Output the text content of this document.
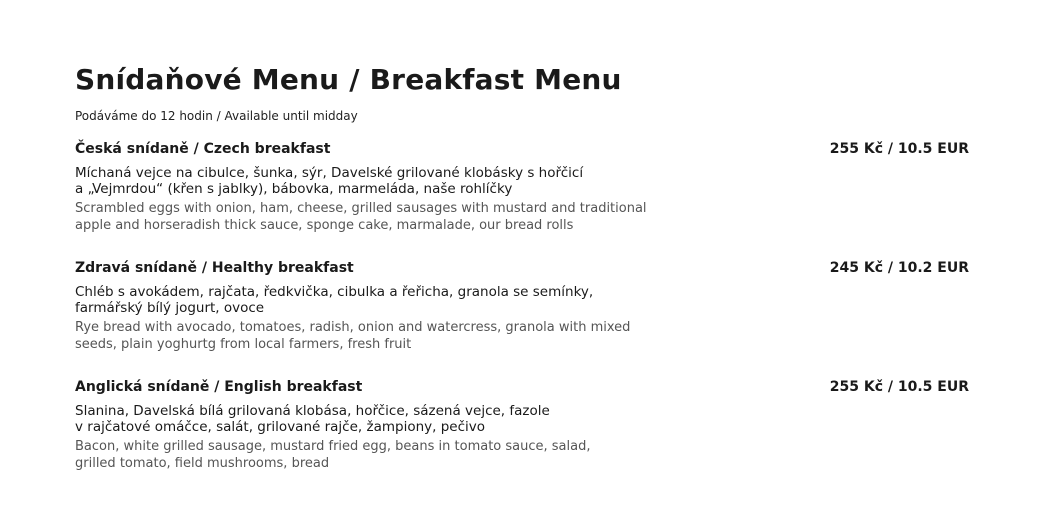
Snídaňové Menu / Breakfast Menu
Podáváme do 12 hodin / Available until midday
Česká snídaně / Czech breakfast	255 Kč / 10.5 EUR
Míchaná vejce na cibulce, šunka, sýr, Davelské grilované klobásky s hořčicí
a „Vejmrdou“ (křen s jablky), bábovka, marmeláda, naše rohlíčky
Scrambled eggs with onion, ham, cheese, grilled sausages with mustard and traditional
apple and horseradish thick sauce, sponge cake, marmalade, our bread rolls
Zdravá snídaně / Healthy breakfast	245 Kč / 10.2 EUR
Chléb s avokádem, rajčata, ředkvička, cibulka a řeřicha, granola se semínky,
farmářský bílý jogurt, ovoce
Rye bread with avocado, tomatoes, radish, onion and watercress, granola with mixed
seeds, plain yoghurtg from local farmers, fresh fruit
Anglická snídaně / English breakfast	255 Kč / 10.5 EUR
Slanina, Davelská bílá grilovaná klobása, hořčice, sázená vejce, fazole
v rajčatové omáčce, salát, grilované rajče, žampiony, pečivo
Bacon, white grilled sausage, mustard fried egg, beans in tomato sauce, salad,
grilled tomato, field mushrooms, bread
